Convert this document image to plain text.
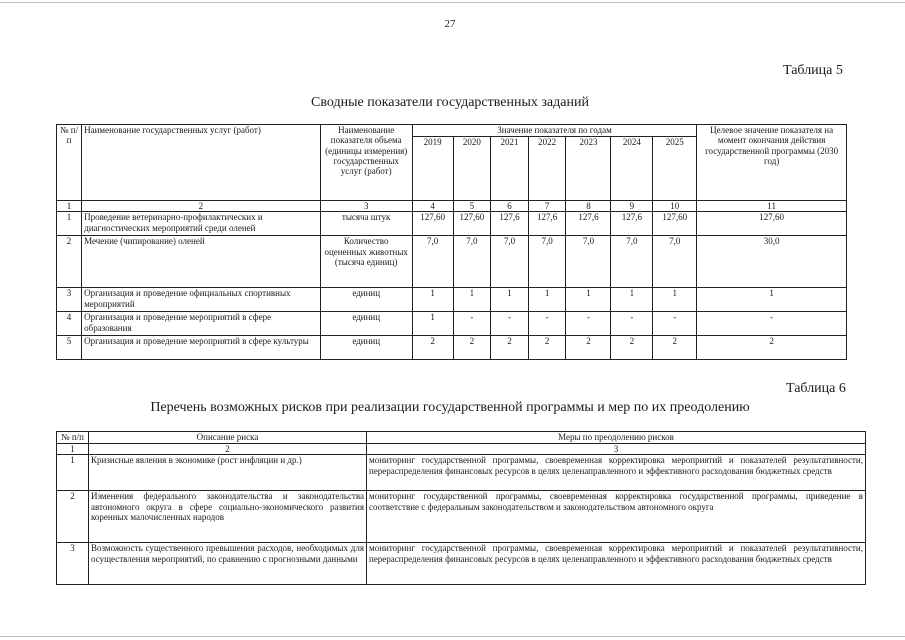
27
Таблица 5
Сводные показатели государственных заданий
№ п/п	Наименование государственных услуг (работ)	Наименование показателя объема (единицы измерения) государственных услуг (работ)	Значение показателя по годам							Целевое значение показателя на момент окончания действия государственной программы (2030 год)
			2019	2020	2021	2022	2023	2024	2025	
1	2	3	4	5	6	7	8	9	10	11
1	Проведение ветеринарно-профилактических и диагностических мероприятий среди оленей	тысяча штук	127,60	127,60	127,6	127,6	127,6	127,6	127,60	127,60
2	Мечение (чипирование) оленей	Количество оцененных животных (тысяча единиц)	7,0	7,0	7,0	7,0	7,0	7,0	7,0	30,0
3	Организация и проведение официальных спортивных мероприятий	единиц	1	1	1	1	1	1	1	1
4	Организация и проведение мероприятий в сфере образования	единиц	1	-	-	-	-	-	-	-
5	Организация и проведение мероприятий в сфере культуры	единиц	2	2	2	2	2	2	2	2
Таблица 6
Перечень возможных рисков при реализации государственной программы и мер по их преодолению
№ п/п	Описание риска	Меры по преодолению рисков
1	2	3
1	Кризисные явления в экономике (рост инфляции и др.)	мониторинг государственной программы, своевременная корректировка мероприятий и показателей результативности, перераспределения финансовых ресурсов в целях целенаправленного и эффективного расходования бюджетных средств
2	Изменения федерального законодательства и законодательства автономного округа в сфере социально-экономического развития коренных малочисленных народов	мониторинг государственной программы, своевременная корректировка государственной программы, приведение в соответствие с федеральным законодательством и законодательством автономного округа
3	Возможность существенного превышения расходов, необходимых для осуществления мероприятий, по сравнению с прогнозными данными	мониторинг государственной программы, своевременная корректировка мероприятий и показателей результативности, перераспределения финансовых ресурсов в целях целенаправленного и эффективного расходования бюджетных средств
